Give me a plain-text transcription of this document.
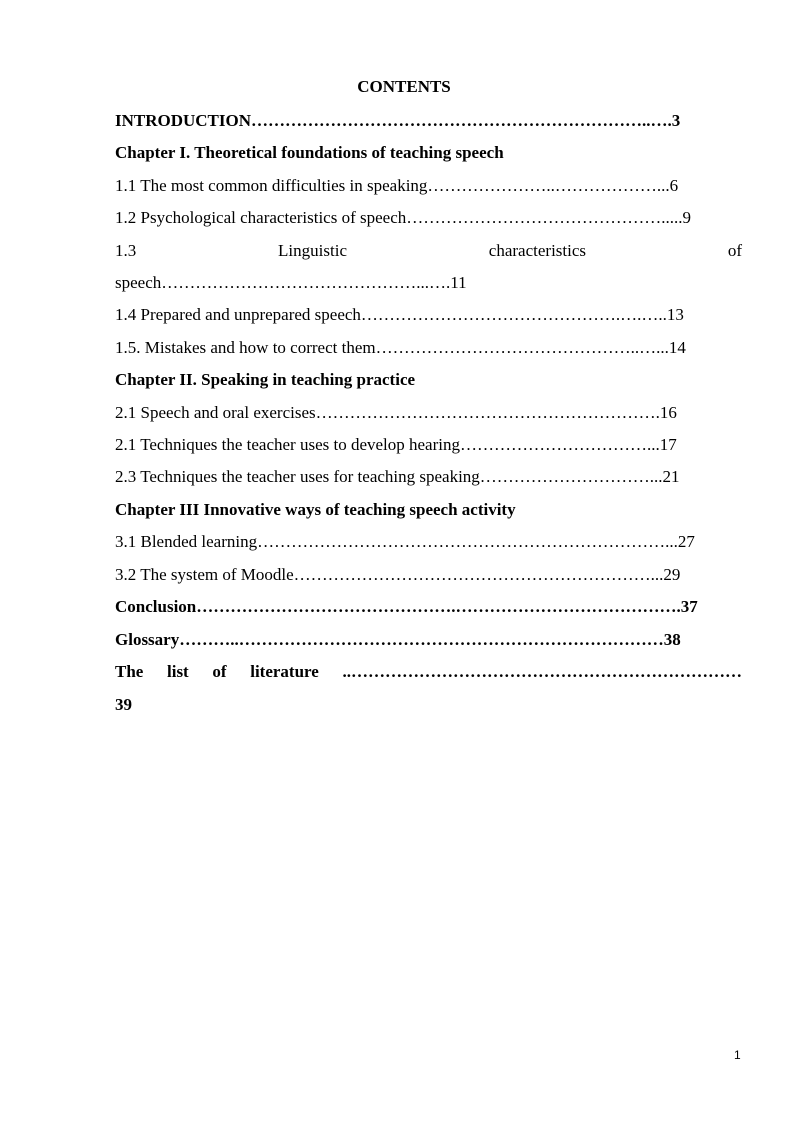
CONTENTS
INTRODUCTION……………………………………………………………..….3
Chapter I. Theoretical foundations of teaching speech
1.1 The most common difficulties in speaking…………………..………………...6
1.2 Psychological characteristics of speech……………………………………….....9
1.3	Linguistic	characteristics	of
speech………………………………………...….11
1.4 Prepared and unprepared speech……………………………………….….…..13
1.5. Mistakes and how to correct them………………………………………..…...14
Chapter II. Speaking in teaching practice
2.1 Speech and oral exercises…………………………………………………….16
2.1 Techniques the teacher uses to develop hearing……………………………...17
2.3 Techniques the teacher uses for teaching speaking…………………………...21
Chapter III Innovative ways of teaching speech activity
3.1 Blended learning………………………………………………………………...27
3.2 The system of Moodle………………………………………………………...29
Conclusion……………………………………….………………………………….37
Glossary………..…………………………………………………………………38
The list of literature ..……………………………………………………………
39
1
